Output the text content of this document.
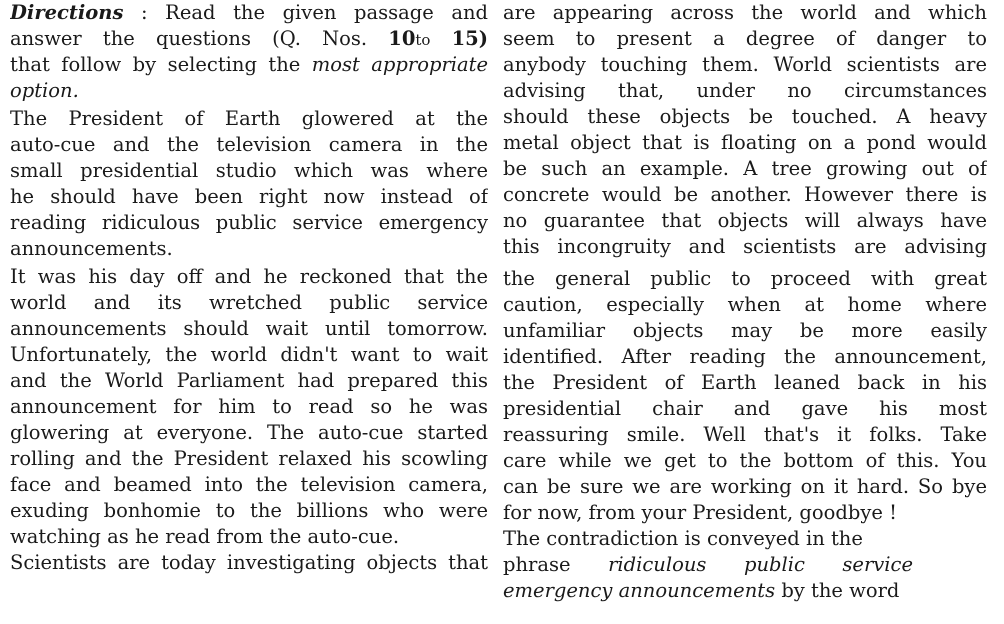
Directions : Read the given passage and
answer the questions (Q. Nos. 10to 15)
that follow by selecting the most appropriate
option.
The President of Earth glowered at the
auto-cue and the television camera in the
small presidential studio which was where
he should have been right now instead of
reading ridiculous public service emergency
announcements.
It was his day off and he reckoned that the
world and its wretched public service
announcements should wait until tomorrow.
Unfortunately, the world didn't want to wait
and the World Parliament had prepared this
announcement for him to read so he was
glowering at everyone. The auto-cue started
rolling and the President relaxed his scowling
face and beamed into the television camera,
exuding bonhomie to the billions who were
watching as he read from the auto-cue.
Scientists are today investigating objects that
are appearing across the world and which
seem to present a degree of danger to
anybody touching them. World scientists are
advising that, under no circumstances
should these objects be touched. A heavy
metal object that is floating on a pond would
be such an example. A tree growing out of
concrete would be another. However there is
no guarantee that objects will always have
this incongruity and scientists are advising
the general public to proceed with great
caution, especially when at home where
unfamiliar objects may be more easily
identified. After reading the announcement,
the President of Earth leaned back in his
presidential chair and gave his most
reassuring smile. Well that's it folks. Take
care while we get to the bottom of this. You
can be sure we are working on it hard. So bye
for now, from your President, goodbye !
The contradiction is conveyed in the
phrase ridiculous public service
emergency announcements by the word
